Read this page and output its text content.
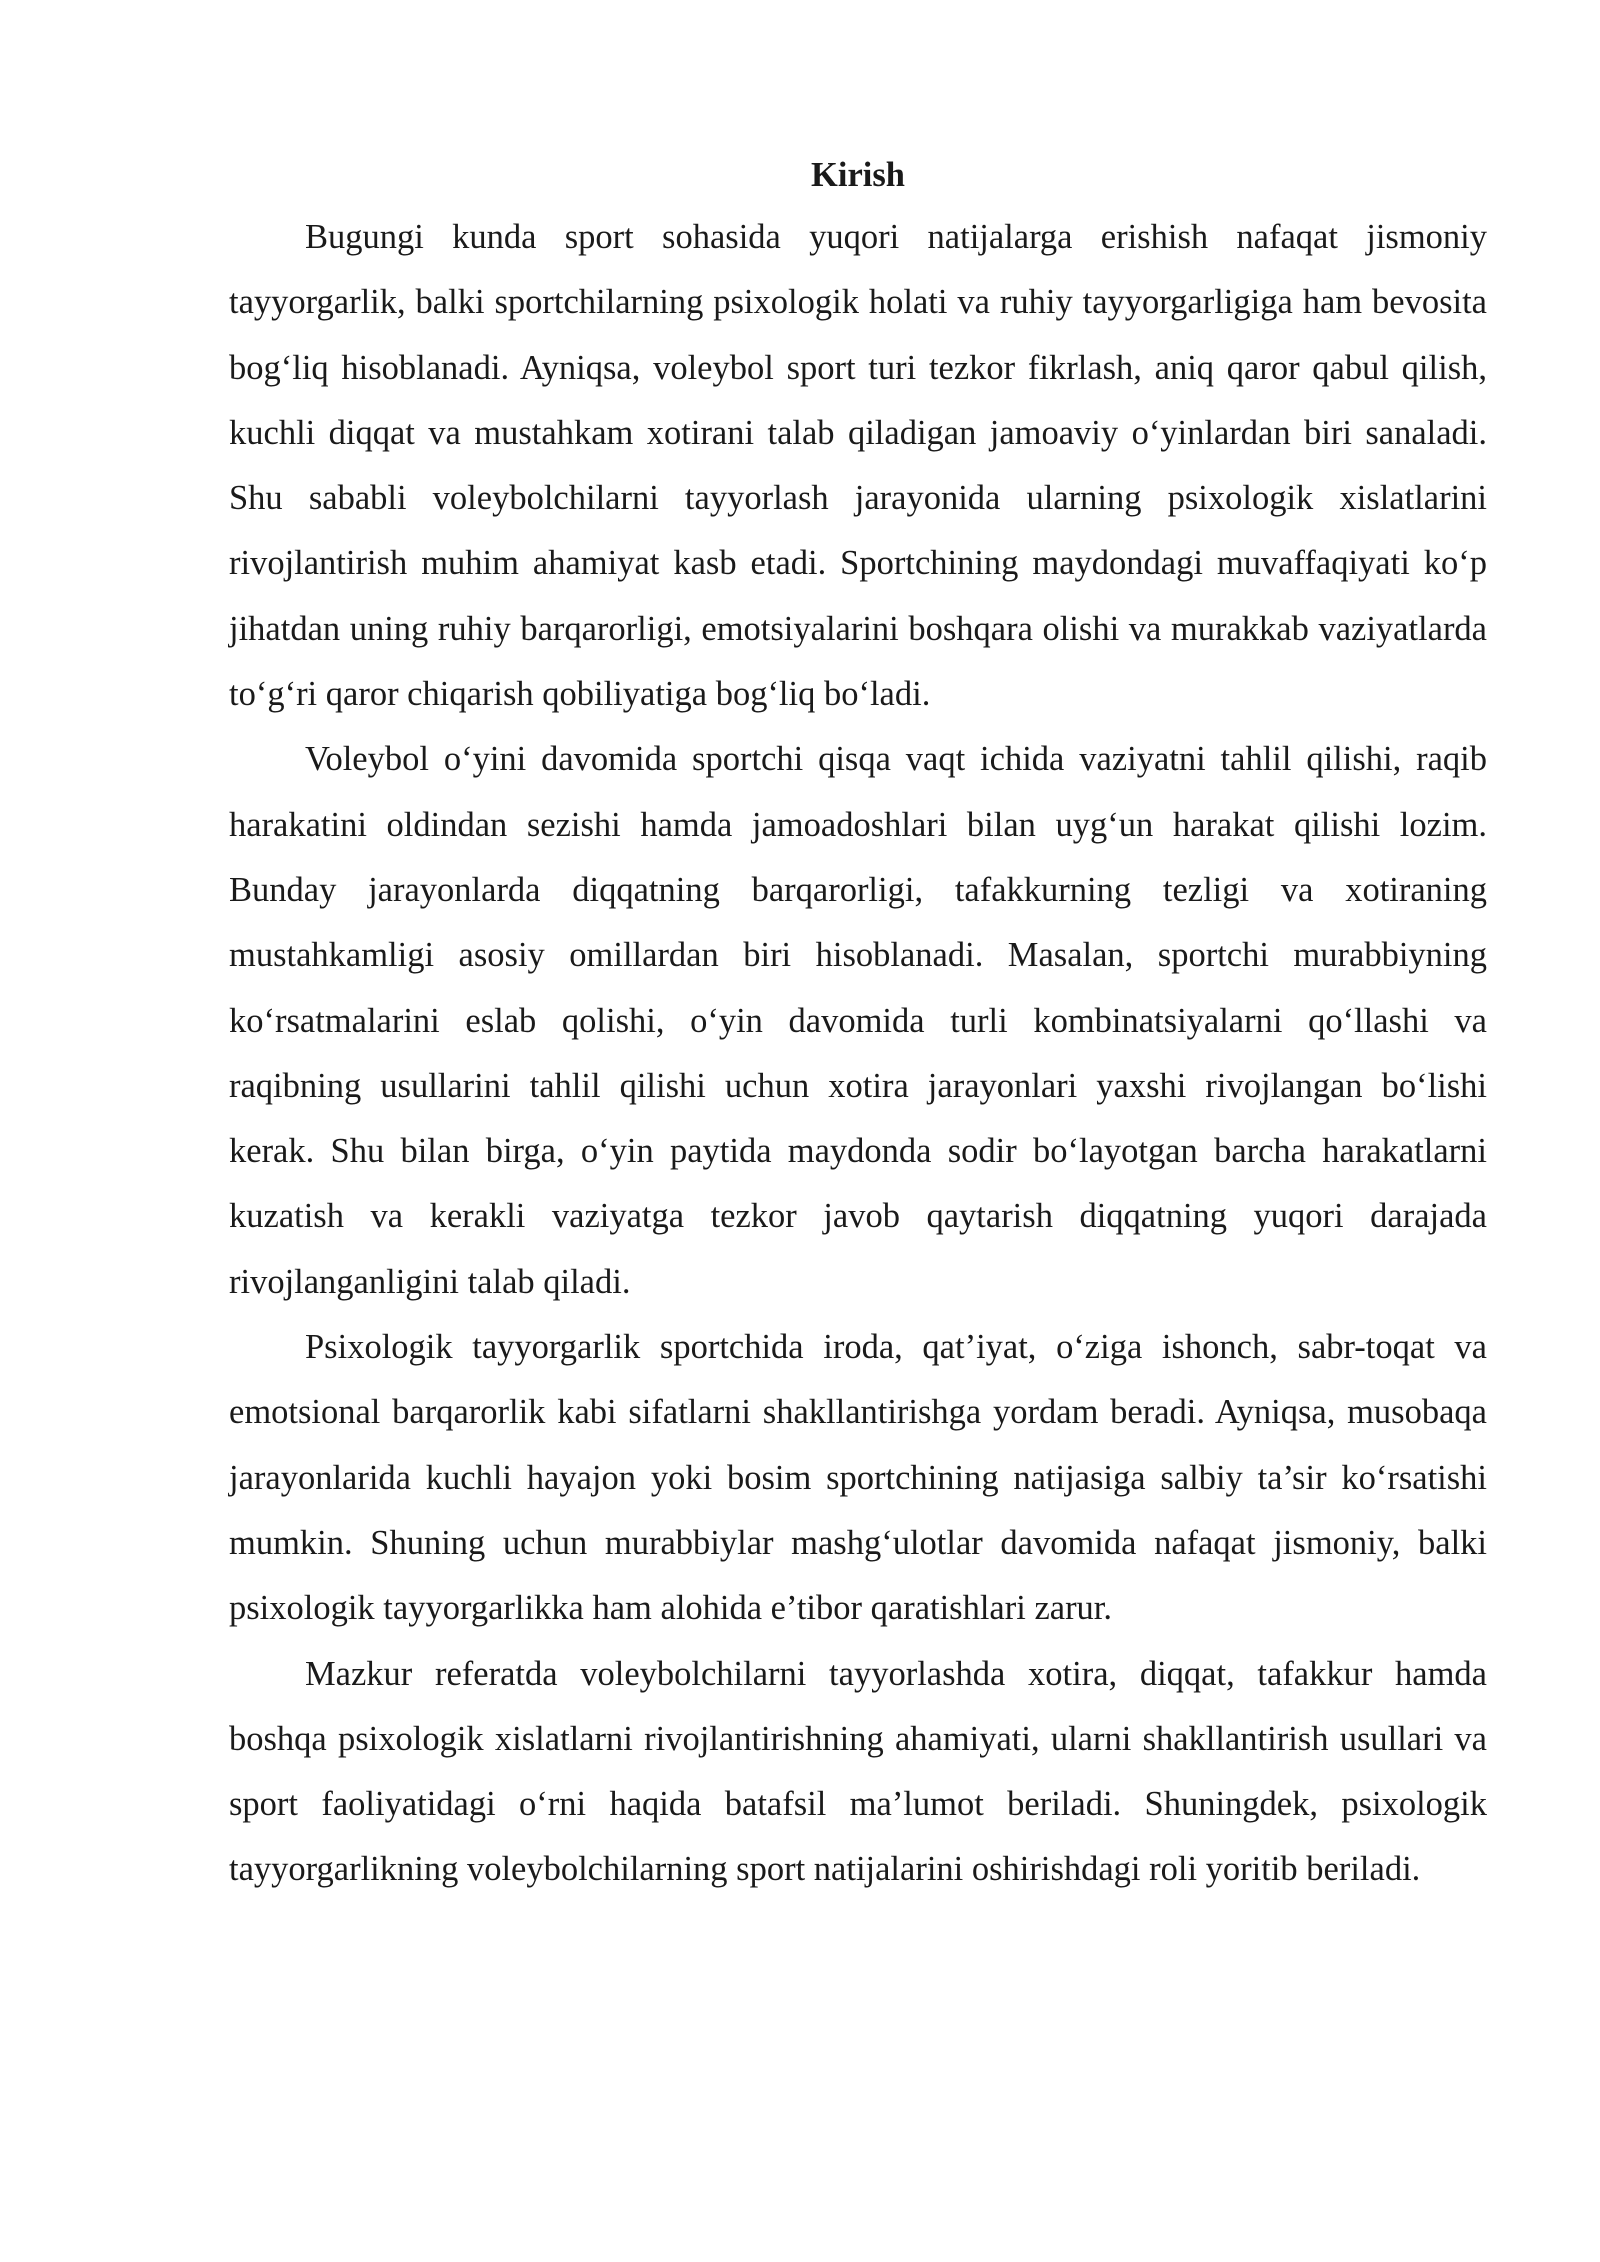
Kirish

Bugungi kunda sport sohasida yuqori natijalarga erishish nafaqat jismoniy tayyorgarlik, balki sportchilarning psixologik holati va ruhiy tayyorgarligiga ham bevosita bog‘liq hisoblanadi. Ayniqsa, voleybol sport turi tezkor fikrlash, aniq qaror qabul qilish, kuchli diqqat va mustahkam xotirani talab qiladigan jamoaviy o‘yinlardan biri sanaladi. Shu sababli voleybolchilarni tayyorlash jarayonida ularning psixologik xislatlarini rivojlantirish muhim ahamiyat kasb etadi. Sportchining maydondagi muvaffaqiyati ko‘p jihatdan uning ruhiy barqarorligi, emotsiyalarini boshqara olishi va murakkab vaziyatlarda to‘g‘ri qaror chiqarish qobiliyatiga bog‘liq bo‘ladi.

Voleybol o‘yini davomida sportchi qisqa vaqt ichida vaziyatni tahlil qilishi, raqib harakatini oldindan sezishi hamda jamoadoshlari bilan uyg‘un harakat qilishi lozim. Bunday jarayonlarda diqqatning barqarorligi, tafakkurning tezligi va xotiraning mustahkamligi asosiy omillardan biri hisoblanadi. Masalan, sportchi murabbiyning ko‘rsatmalarini eslab qolishi, o‘yin davomida turli kombinatsiyalarni qo‘llashi va raqibning usullarini tahlil qilishi uchun xotira jarayonlari yaxshi rivojlangan bo‘lishi kerak. Shu bilan birga, o‘yin paytida maydonda sodir bo‘layotgan barcha harakatlarni kuzatish va kerakli vaziyatga tezkor javob qaytarish diqqatning yuqori darajada rivojlanganligini talab qiladi.

Psixologik tayyorgarlik sportchida iroda, qat’iyat, o‘ziga ishonch, sabr-toqat va emotsional barqarorlik kabi sifatlarni shakllantirishga yordam beradi. Ayniqsa, musobaqa jarayonlarida kuchli hayajon yoki bosim sportchining natijasiga salbiy ta’sir ko‘rsatishi mumkin. Shuning uchun murabbiylar mashg‘ulotlar davomida nafaqat jismoniy, balki psixologik tayyorgarlikka ham alohida e’tibor qaratishlari zarur.

Mazkur referatda voleybolchilarni tayyorlashda xotira, diqqat, tafakkur hamda boshqa psixologik xislatlarni rivojlantirishning ahamiyati, ularni shakllantirish usullari va sport faoliyatidagi o‘rni haqida batafsil ma’lumot beriladi. Shuningdek, psixologik tayyorgarlikning voleybolchilarning sport natijalarini oshirishdagi roli yoritib beriladi.
